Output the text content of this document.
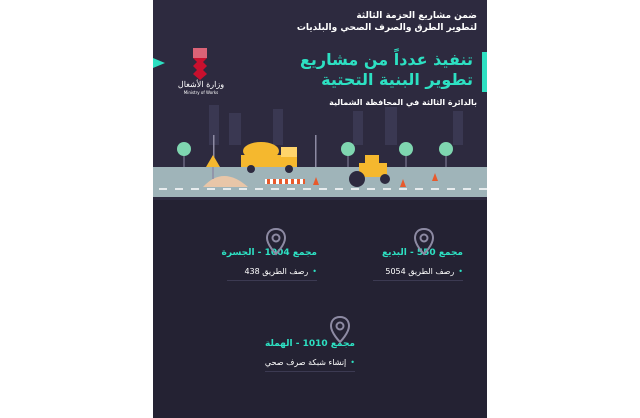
ضمن مشاريع الحزمة الثالثة
لتطوير الطرق والصرف الصحي والبلديات
تنفيذ عدداً من مشاريع
تطوير البنية التحتية
بالدائرة الثالثة في المحافظة الشمالية
وزارة الأشغال
Ministry of Works
مجمع 550 - البديع
•رصف الطريق 5054
مجمع 1004 - الجسرة
•رصف الطريق 438
مجمع 1010 - الهملة
•إنشاء شبكة صرف صحي
